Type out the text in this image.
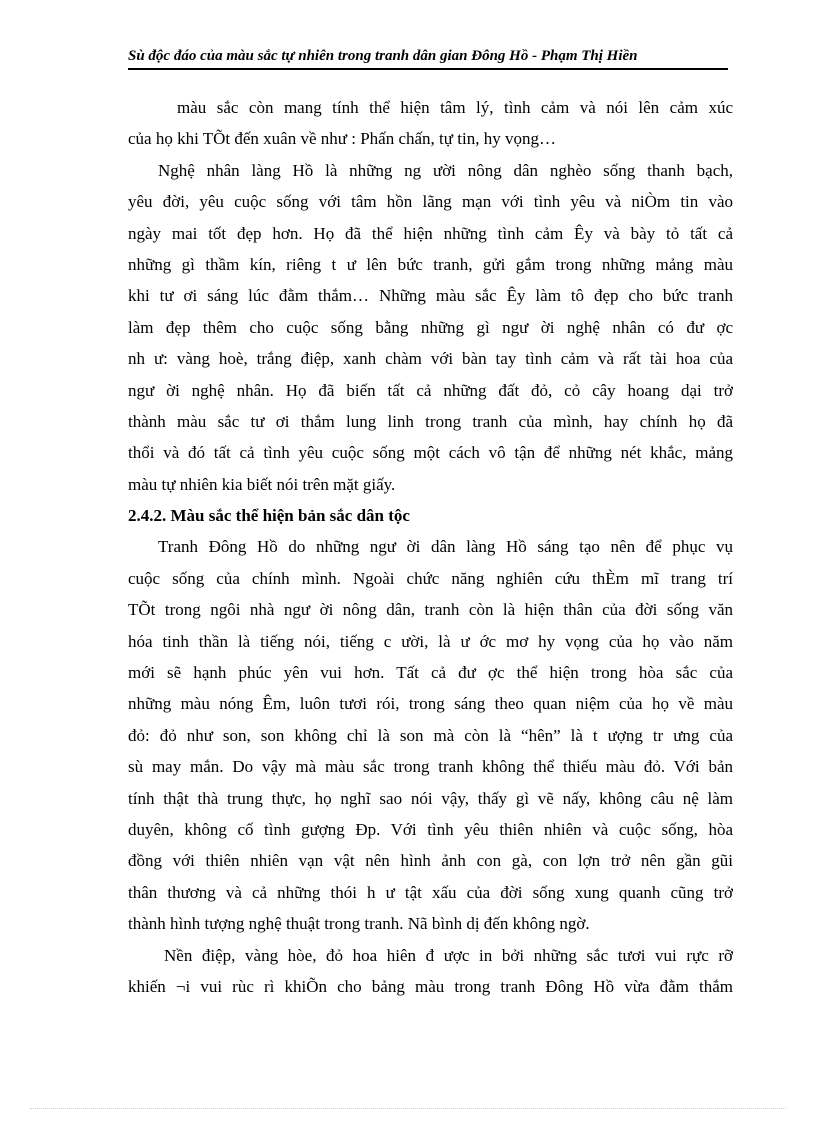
Sù độc đáo của màu sắc tự nhiên trong tranh dân gian Đông Hồ - Phạm Thị Hiền
màu sắc còn mang tính thể hiện tâm lý, tình cảm và nói lên cảm xúc
của họ khi TÕt đến xuân về như : Phấn chấn, tự tin, hy vọng…
Nghệ nhân làng Hồ là những ng ười nông dân nghèo sống thanh bạch,
yêu đời, yêu cuộc sống với tâm hồn lãng mạn với tình yêu và niÒm tin vào
ngày mai tốt đẹp hơn. Họ đã thể hiện những tình cảm Êy và bày tỏ tất cả
những gì thầm kín, riêng t ư lên bức tranh, gửi gắm trong những mảng màu
khi tư ơi sáng lúc đằm thắm… Những màu sắc Êy làm tô đẹp cho bức tranh
làm đẹp thêm cho cuộc sống bằng những gì ngư ời nghệ nhân có đư ợc
nh ư: vàng hoè, trắng điệp, xanh chàm với bàn tay tình cảm và rất tài hoa của
ngư ời nghệ nhân. Họ đã biến tất cả những đất đỏ, cỏ cây hoang dại trở
thành màu sắc tư ơi thắm lung linh trong tranh của mình, hay chính họ đã
thổi và đó tất cả tình yêu cuộc sống một cách vô tận để những nét khắc, mảng
màu tự nhiên kia biết nói trên mặt giấy.
2.4.2. Màu sắc thể hiện bản sắc dân tộc
Tranh Đông Hồ do những ngư ời dân làng Hồ sáng tạo nên để phục vụ
cuộc sống của chính mình. Ngoài chức năng nghiên cứu thÈm mĩ trang trí
TÕt trong ngôi nhà ngư ời nông dân, tranh còn là hiện thân của đời sống văn
hóa tinh thần là tiếng nói, tiếng c ười, là ư ớc mơ hy vọng của họ vào năm
mới sẽ hạnh phúc yên vui hơn. Tất cả đư ợc thể hiện trong hòa sắc của
những màu nóng Êm, luôn tươi rói, trong sáng theo quan niệm của họ về màu
đỏ: đỏ như son, son không chỉ là son mà còn là “hên” là t ượng tr ưng của
sù may mắn. Do vậy mà màu sắc trong tranh không thể thiếu màu đỏ. Với bản
tính thật thà trung thực, họ nghĩ sao nói vậy, thấy gì vẽ nấy, không câu nệ làm
duyên, không cố tình gượng Ðp. Với tình yêu thiên nhiên và cuộc sống, hòa
đồng với thiên nhiên vạn vật nên hình ảnh con gà, con lợn trở nên gần gũi
thân thương và cả những thói h ư tật xấu của đời sống xung quanh cũng trở
thành hình tượng nghệ thuật trong tranh. Nã bình dị đến không ngờ.
Nền điệp, vàng hòe, đỏ hoa hiên đ ược in bởi những sắc tươi vui rực rỡ
khiến ¬i vui rùc rì khiÕn cho bảng màu trong tranh Đông Hồ vừa đằm thắm
